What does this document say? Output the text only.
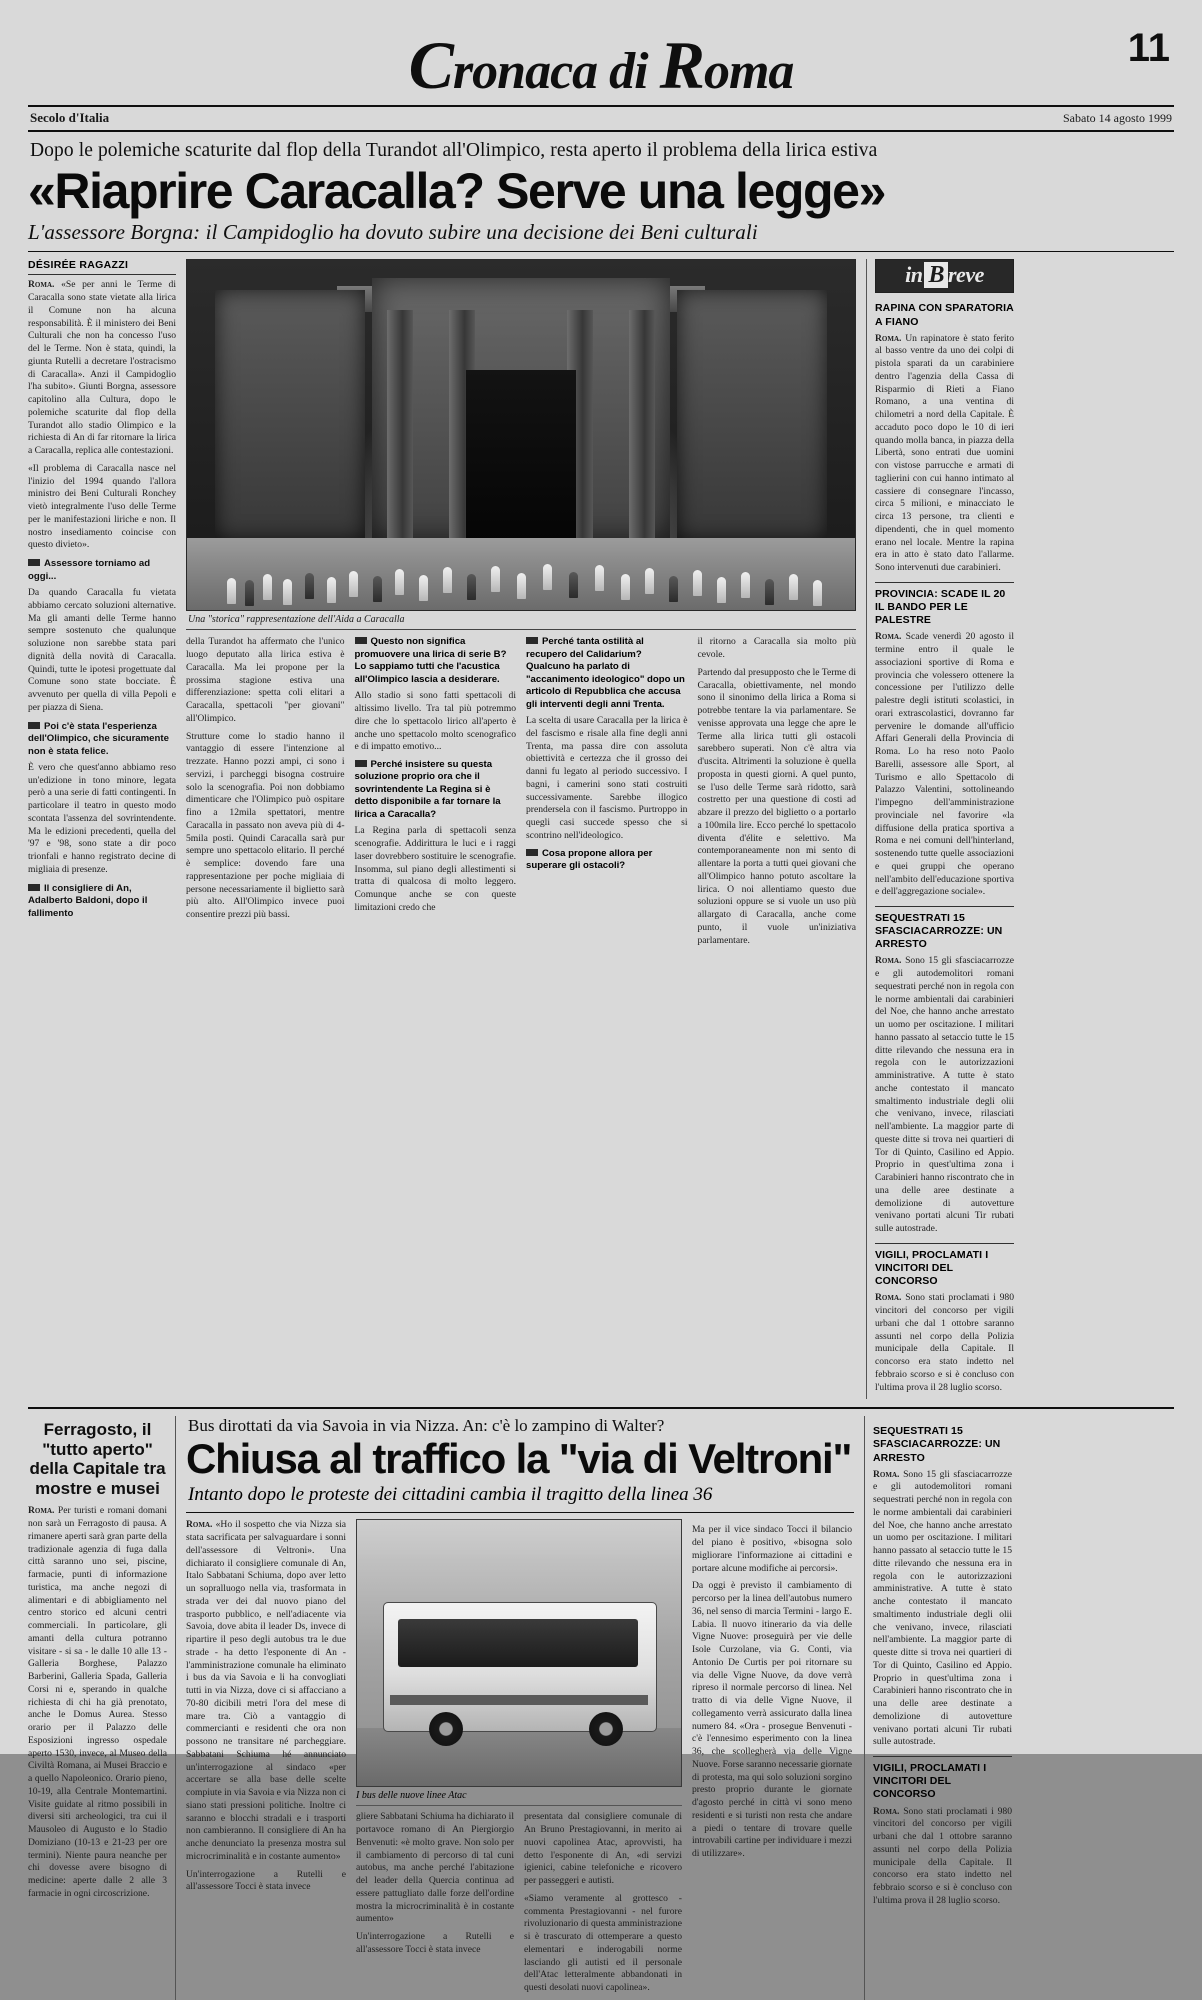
11
Cronaca di Roma
Secolo d'Italia	Sabato 14 agosto 1999
Dopo le polemiche scaturite dal flop della Turandot all'Olimpico, resta aperto il problema della lirica estiva
«Riaprire Caracalla? Serve una legge»
L'assessore Borgna: il Campidoglio ha dovuto subire una decisione dei Beni culturali
DÉSIRÉE RAGAZZI

Roma. «Se per anni le Terme di Caracalla sono state vietate alla lirica il Comune non ha alcuna responsabilità. È il ministero dei Beni Culturali che non ha concesso l'uso del le Terme. Non è stata, quindi, la giunta Rutelli a decretare l'ostracismo di Caracalla». Anzi il Campidoglio l'ha subito». Giunti Borgna, assessore capitolino alla Cultura, dopo le polemiche scaturite dal flop della Turandot allo stadio Olimpico e la richiesta di An di far ritornare la lirica a Caracalla, replica alle contestazioni.

«Il problema di Caracalla nasce nel l'inizio del 1994 quando l'allora ministro dei Beni Culturali Ronchey vietò integralmente l'uso delle Terme per le manifestazioni liriche e non. Il nostro insediamento coincise con questo divieto».

Assessore torniamo ad oggi...

Da quando Caracalla fu vietata abbiamo cercato soluzioni alternative. Ma gli amanti delle Terme hanno sempre sostenuto che qualunque soluzione non sarebbe stata pari dignità della novità di Caracalla. Quindi, tutte le ipotesi progettuate dal Comune sono state bocciate. È avvenuto per quella di villa Pepoli e per piazza di Siena.

Poi c'è stata l'esperienza dell'Olimpico, che sicuramente non è stata felice.

È vero che quest'anno abbiamo reso un'edizione in tono minore, legata però a una serie di fatti contingenti. In particolare il teatro in questo modo scontata l'assenza del sovrintendente. Ma le edizioni precedenti, quella del '97 e '98, sono state a dir poco trionfali e hanno registrato decine di migliaia di presenze.

Il consigliere di An, Adalberto Baldoni, dopo il fallimento
Una "storica" rappresentazione dell'Aida a Caracalla

della Turandot ha affermato che l'unico luogo deputato alla lirica estiva è Caracalla. Ma lei propone per la prossima stagione estiva una differenziazione: spetta coli elitari a Caracalla, spettacoli "per giovani" all'Olimpico.

Strutture come lo stadio hanno il vantaggio di essere l'intenzione al trezzate. Hanno pozzi ampi, ci sono i servizi, i parcheggi bisogna costruire solo la scenografia. Poi non dobbiamo dimenticare che l'Olimpico può ospitare fino a 12mila spettatori, mentre Caracalla in passato non aveva più di 4-5mila posti. Quindi Caracalla sarà pur sempre uno spettacolo elitario. Il perché è semplice: dovendo fare una rappresentazione per poche migliaia di persone necessariamente il biglietto sarà più alto. All'Olimpico invece puoi consentire prezzi più bassi.

Questo non significa promuovere una lirica di serie B? Lo sappiamo tutti che l'acustica all'Olimpico lascia a desiderare.

Allo stadio si sono fatti spettacoli di altissimo livello. Tra tal più potremmo dire che lo spettacolo lirico all'aperto è anche uno spettacolo molto scenografico e di impatto emotivo...

Perché insistere su questa soluzione proprio ora che il sovrintendente La Regina si è detto disponibile a far tornare la lirica a Caracalla?

La Regina parla di spettacoli senza scenografie. Addirittura le luci e i raggi laser dovrebbero sostituire le scenografie. Insomma, sul piano degli allestimenti si tratta di qualcosa di molto leggero. Comunque anche se con queste limitazioni credo che

Perché tanta ostilità al recupero del Calidarium? Qualcuno ha parlato di "accanimento ideologico" dopo un articolo di Repubblica che accusa gli interventi degli anni Trenta.

La scelta di usare Caracalla per la lirica è del fascismo e risale alla fine degli anni Trenta, ma passa dire con assoluta obiettività e certezza che il grosso dei danni fu legato al periodo successivo. I bagni, i camerini sono stati costruiti successivamente. Sarebbe illogico prendersela con il fascismo. Purtroppo in quegli casi succede spesso che si scontrino nell'ideologico.

Cosa propone allora per superare gli ostacoli?

il ritorno a Caracalla sia molto più cevole.

Partendo dal presupposto che le Terme di Caracalla, obiettivamente, nel mondo sono il sinonimo della lirica a Roma si potrebbe tentare la via parlamentare. Se venisse approvata una legge che apre le Terme alla lirica tutti gli ostacoli sarebbero superati. Non c'è altra via d'uscita. Altrimenti la soluzione è quella proposta in questi giorni. A quel punto, se l'uso delle Terme sarà ridotto, sarà costretto per una questione di costi ad abzare il prezzo del biglietto o a portarlo a 100mila lire. Ecco perché lo spettacolo diventa d'élite e selettivo. Ma contemporaneamente non mi sento di allentare la porta a tutti quei giovani che all'Olimpico hanno potuto ascoltare la lirica. O noi allentiamo questo due soluzioni oppure se si vuole un uso più allargato di Caracalla, anche come punto, il vuole un'iniziativa parlamentare.

in B reve
RAPINA CON SPARATORIA A FIANO

Roma. Un rapinatore è stato ferito al basso ventre da uno dei colpi di pistola sparati da un carabiniere dentro l'agenzia della Cassa di Risparmio di Rieti a Fiano Romano, a una ventina di chilometri a nord della Capitale. È accaduto poco dopo le 10 di ieri quando molla banca, in piazza della Libertà, sono entrati due uomini con vistose parrucche e armati di taglierini con cui hanno intimato al cassiere di consegnare l'incasso, circa 5 milioni, e minacciato le circa 13 persone, tra clienti e dipendenti, che in quel momento erano nel locale. Mentre la rapina era in atto è stato dato l'allarme. Sono intervenuti due carabinieri.

PROVINCIA: SCADE IL 20 IL BANDO PER LE PALESTRE

Roma. Scade venerdì 20 agosto il termine entro il quale le associazioni sportive di Roma e provincia che volessero ottenere la concessione per l'utilizzo delle palestre degli istituti scolastici, in orari extrascolastici, dovranno far pervenire le domande all'ufficio Affari Generali della Provincia di Roma. Lo ha reso noto Paolo Barelli, assessore alle Sport, al Turismo e allo Spettacolo di Palazzo Valentini, sottolineando l'impegno dell'amministrazione provinciale nel favorire «la diffusione della pratica sportiva a Roma e nei comuni dell'hinterland, sostenendo tutte quelle associazioni e quei gruppi che operano nell'ambito dell'educazione sportiva e dell'aggregazione sociale».

SEQUESTRATI 15 SFASCIACARROZZE: UN ARRESTO

Roma. Sono 15 gli sfasciacarrozze e gli autodemolitori romani sequestrati perché non in regola con le norme ambientali dai carabinieri del Noe, che hanno anche arrestato un uomo per oscitazione. I militari hanno passato al setaccio tutte le 15 ditte rilevando che nessuna era in regola con le autorizzazioni amministrative. A tutte è stato anche contestato il mancato smaltimento industriale degli olii che venivano, invece, rilasciati nell'ambiente. La maggior parte di queste ditte si trova nei quartieri di Tor di Quinto, Casilino ed Appio. Proprio in quest'ultima zona i Carabinieri hanno riscontrato che in una delle aree destinate a demolizione di autovetture venivano portati alcuni Tir rubati sulle autostrade.

VIGILI, PROCLAMATI I VINCITORI DEL CONCORSO

Roma. Sono stati proclamati i 980 vincitori del concorso per vigili urbani che dal 1 ottobre saranno assunti nel corpo della Polizia municipale della Capitale. Il concorso era stato indetto nel febbraio scorso e si è concluso con l'ultima prova il 28 luglio scorso.

Ferragosto, il "tutto aperto" della Capitale tra mostre e musei

Roma. Per turisti e romani domani non sarà un Ferragosto di pausa. A rimanere aperti sarà gran parte della tradizionale agenzia di fuga dalla città saranno uno sei, piscine, farmacie, punti di informazione turistica, ma anche negozi di alimentari e di abbigliamento nel centro storico ed alcuni centri commerciali. In particolare, gli amanti della cultura potranno visitare - si sa - le dalle 10 alle 13 - Galleria Borghese, Palazzo Barberini, Galleria Spada, Galleria Corsi ni e, sperando in qualche richiesta di chi ha già prenotato, anche le Domus Aurea. Stesso orario per il Palazzo delle Esposizioni ingresso ospedale aperto 1530, invece, al Museo della Civiltà Romana, ai Musei Braccio e a quello Napoleonico. Orario pieno, 10-19, alla Centrale Montemartini. Visite guidate al ritmo possibili in diversi siti archeologici, tra cui il Mausoleo di Augusto e lo Stadio Domiziano (10-13 e 21-23 per ore termini). Niente paura neanche per chi dovesse avere bisogno di medicine: aperte dalle 2 alle 3 farmacie in ogni circoscrizione.

Bus dirottati da via Savoia in via Nizza. An: c'è lo zampino di Walter?
Chiusa al traffico la "via di Veltroni"
Intanto dopo le proteste dei cittadini cambia il tragitto della linea 36

Roma. «Ho il sospetto che via Nizza sia stata sacrificata per salvaguardare i sonni dell'assessore di Veltroni». Una dichiarato il consigliere comunale di An, Italo Sabbatani Schiuma, dopo aver letto un sopralluogo nella via, trasformata in strada ver dei dal nuovo piano del trasporto pubblico, e nell'adiacente via Savoia, dove abita il leader Ds, invece di ripartire il peso degli autobus tra le due strade - ha detto l'esponente di An - l'amministrazione comunale ha eliminato i bus da via Savoia e li ha convogliati tutti in via Nizza, dove ci si affacciano a 70-80 dicibili metri l'ora del mese di mare tra. Ciò a vantaggio di commercianti e residenti che ora non possono ne transitare né parcheggiare. Sabbatani Schiuma hé annunciato un'interrogazione al sindaco «per accertare se alla base delle scelte compiute in via Savoia e via Nizza non ci siano stati pressioni politiche. Inoltre ci saranno e blocchi stradali e i trasporti non cambieranno. Il consigliere di An ha anche denunciato la presenza mostra sul microcriminalità e in costante aumento»

Un'interrogazione a Rutelli e all'assessore Tocci è stata invece

I bus delle nuove linee Atac

gliere Sabbatani Schiuma ha dichiarato il portavoce romano di An Piergiorgio Benvenuti: «è molto grave. Non solo per il cambiamento di percorso di tal cuni autobus, ma anche perché l'abitazione del leader della Quercia continua ad essere pattugliato dalle forze dell'ordine mostra la microcriminalità è in costante aumento»

Un'interrogazione a Rutelli e all'assessore Tocci è stata invece

presentata dal consigliere comunale di An Bruno Prestagiovanni, in merito ai nuovi capolinea Atac, aprovvisti, ha detto l'esponente di An, «di servizi igienici, cabine telefoniche e ricovero per passeggeri e autisti.

«Siamo veramente al grottesco - commenta Prestagiovanni - nel furore rivoluzionario di questa amministrazione si è trascurato di ottemperare a questo elementari e inderogabili norme lasciando gli autisti ed il personale dell'Atac letteralmente abbandonati in questi desolati nuovi capolinea».

Ma per il vice sindaco Tocci il bilancio del piano è positivo, «bisogna solo migliorare l'informazione ai cittadini e portare alcune modifiche ai percorsi».

Da oggi è previsto il cambiamento di percorso per la linea dell'autobus numero 36, nel senso di marcia Termini - largo E. Labia. Il nuovo itinerario da via delle Vigne Nuove: proseguirà per vie delle Isole Curzolane, via G. Conti, via Antonio De Curtis per poi ritornare su via delle Vigne Nuove, da dove verrà ripreso il normale percorso di linea. Nel tratto di via delle Vigne Nuove, il collegamento verrà assicurato dalla linea numero 84. «Ora - prosegue Benvenuti - c'è l'ennesimo esperimento con la linea 36, che scollegherà via delle Vigne Nuove. Forse saranno necessarie giornate di protesta, ma qui solo soluzioni sorgino presto proprio durante le giornate d'agosto perché in città vi sono meno residenti e si turisti non resta che andare a piedi o tentare di trovare quelle introvabili cartine per individuare i mezzi di utilizzare».

SEQUESTRATI 15 SFASCIACARROZZE: UN ARRESTO

Roma. Sono 15 gli sfasciacarrozze e gli autodemolitori romani sequestrati perché non in regola con le norme ambientali dai carabinieri del Noe, che hanno anche arrestato un uomo per oscitazione. I militari hanno passato al setaccio tutte le 15 ditte rilevando che nessuna era in regola con le autorizzazioni amministrative. A tutte è stato anche contestato il mancato smaltimento industriale degli olii che venivano, invece, rilasciati nell'ambiente. La maggior parte di queste ditte si trova nei quartieri di Tor di Quinto, Casilino ed Appio. Proprio in quest'ultima zona i Carabinieri hanno riscontrato che in una delle aree destinate a demolizione di autovetture venivano portati alcuni Tir rubati sulle autostrade.

VIGILI, PROCLAMATI I VINCITORI DEL CONCORSO

Roma. Sono stati proclamati i 980 vincitori del concorso per vigili urbani che dal 1 ottobre saranno assunti nel corpo della Polizia municipale della Capitale. Il concorso era stato indetto nel febbraio scorso e si è concluso con l'ultima prova il 28 luglio scorso.
